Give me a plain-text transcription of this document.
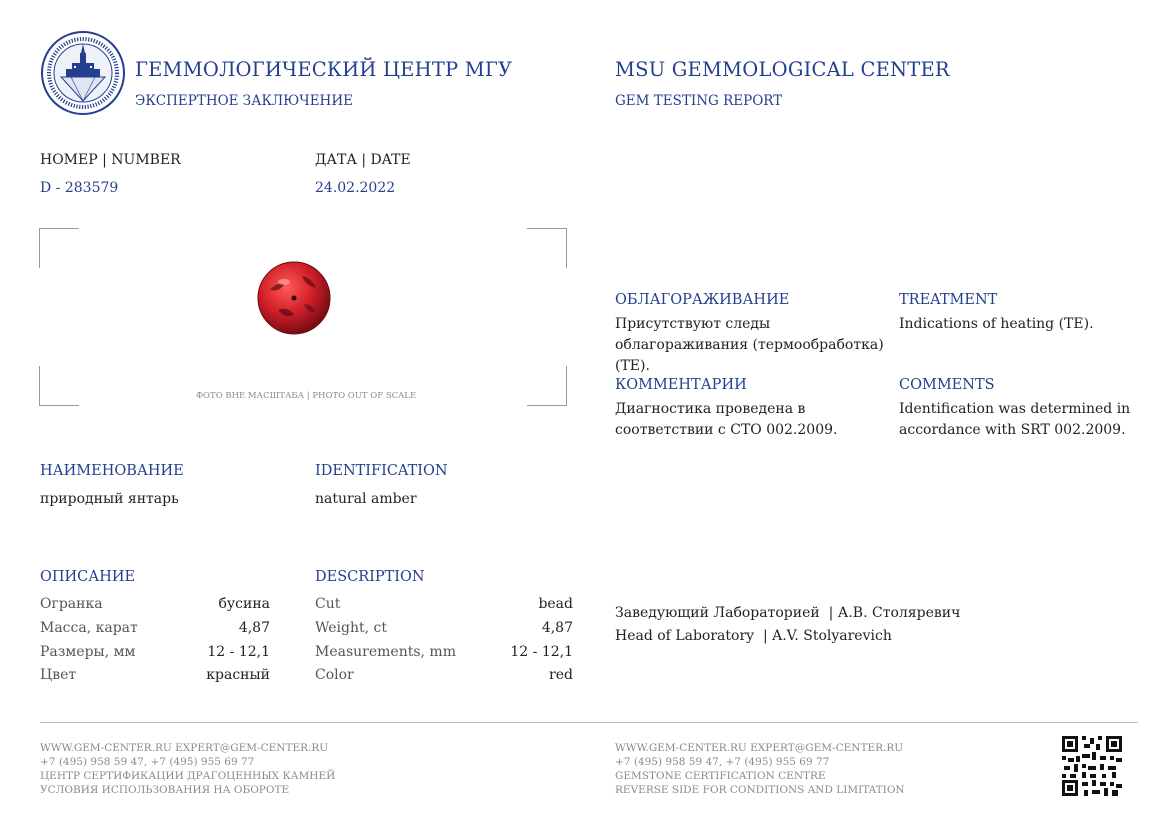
ГЕММОЛОГИЧЕСКИЙ ЦЕНТР МГУ
ЭКСПЕРТНОЕ ЗАКЛЮЧЕНИЕ
MSU GEMMOLOGICAL CENTER
GEM TESTING REPORT
НОМЕР | NUMBER
D - 283579
ДАТА | DATE
24.02.2022
ФОТО ВНЕ МАСШТАБА | PHOTO OUT OF SCALE
НАИМЕНОВАНИЕ
природный янтарь
IDENTIFICATION
natural amber
ОПИСАНИЕ	DESCRIPTION
Огранка	бусина
Масса, карат	4,87
Размеры, мм	12 - 12,1
Цвет	красный
Cut	bead
Weight, ct	4,87
Measurements, mm	12 - 12,1
Color	red
ОБЛАГОРАЖИВАНИЕ
Присутствуют следы облагораживания (термообработка) (TE).
TREATMENT
Indications of heating (TE).
КОММЕНТАРИИ
Диагностика проведена в соответствии с СТО 002.2009.
COMMENTS
Identification was determined in accordance with SRT 002.2009.
Заведующий Лабораторией  | А.В. Столяревич
Head of Laboratory  | A.V. Stolyarevich
WWW.GEM-CENTER.RU EXPERT@GEM-CENTER.RU
+7 (495) 958 59 47, +7 (495) 955 69 77
ЦЕНТР СЕРТИФИКАЦИИ ДРАГОЦЕННЫХ КАМНЕЙ
УСЛОВИЯ ИСПОЛЬЗОВАНИЯ НА ОБОРОТЕ
WWW.GEM-CENTER.RU EXPERT@GEM-CENTER.RU
+7 (495) 958 59 47, +7 (495) 955 69 77
GEMSTONE CERTIFICATION CENTRE
REVERSE SIDE FOR CONDITIONS AND LIMITATION
